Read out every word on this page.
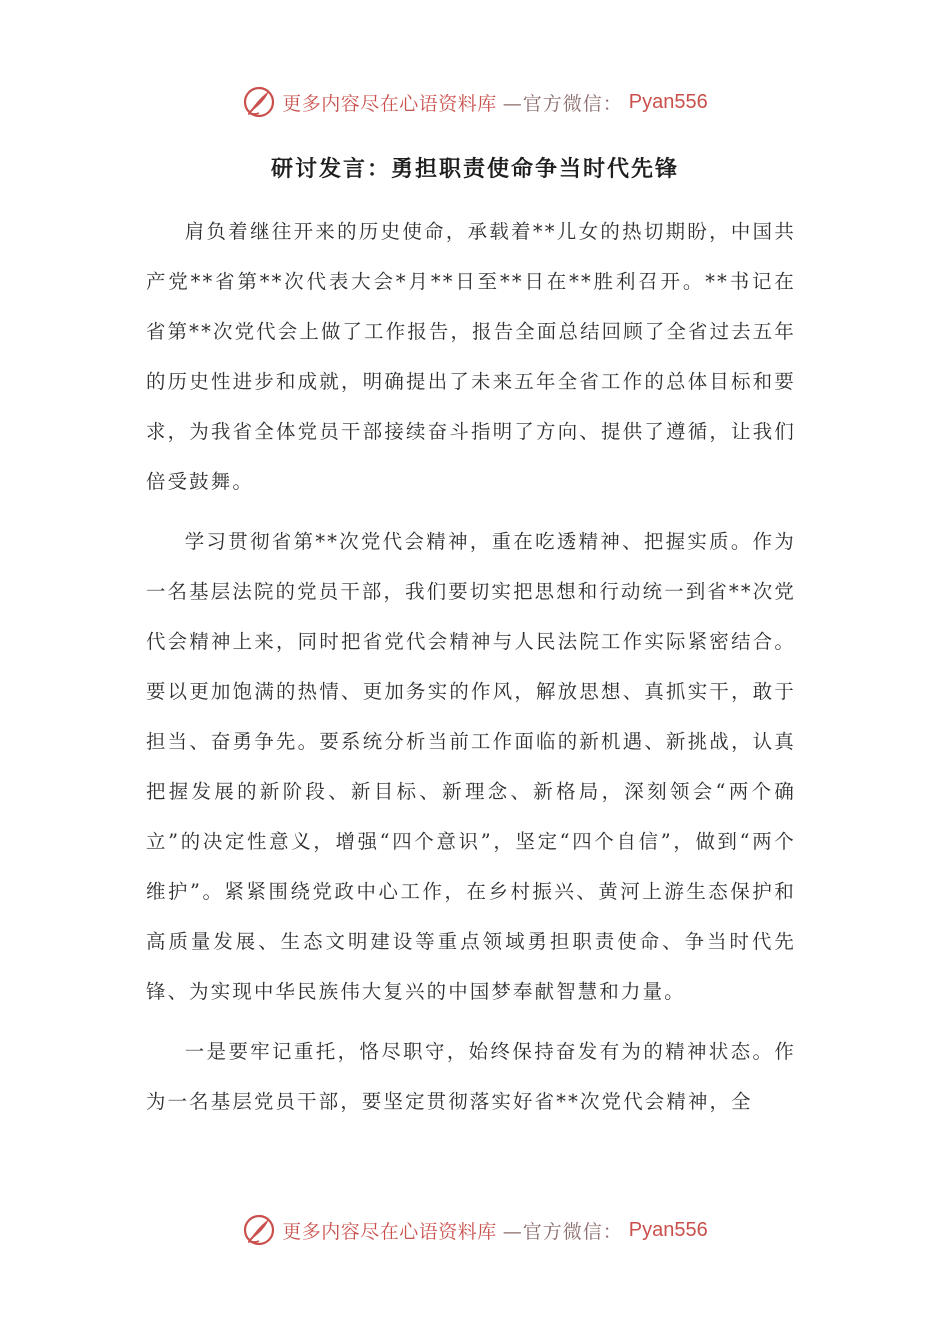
更多内容尽在心语资料库 —官方微信： Pyan556
研讨发言：勇担职责使命争当时代先锋

肩负着继往开来的历史使命，承载着**儿女的热切期盼，中国共产党**省第**次代表大会*月**日至**日在**胜利召开。**书记在省第**次党代会上做了工作报告，报告全面总结回顾了全省过去五年的历史性进步和成就，明确提出了未来五年全省工作的总体目标和要求，为我省全体党员干部接续奋斗指明了方向、提供了遵循，让我们倍受鼓舞。

学习贯彻省第**次党代会精神，重在吃透精神、把握实质。作为一名基层法院的党员干部，我们要切实把思想和行动统一到省**次党代会精神上来，同时把省党代会精神与人民法院工作实际紧密结合。要以更加饱满的热情、更加务实的作风，解放思想、真抓实干，敢于担当、奋勇争先。要系统分析当前工作面临的新机遇、新挑战，认真把握发展的新阶段、新目标、新理念、新格局，深刻领会“两个确立”的决定性意义，增强“四个意识”，坚定“四个自信”，做到“两个维护”。紧紧围绕党政中心工作，在乡村振兴、黄河上游生态保护和高质量发展、生态文明建设等重点领域勇担职责使命、争当时代先锋、为实现中华民族伟大复兴的中国梦奉献智慧和力量。

一是要牢记重托，恪尽职守，始终保持奋发有为的精神状态。作为一名基层党员干部，要坚定贯彻落实好省**次党代会精神，全

更多内容尽在心语资料库 —官方微信： Pyan556
